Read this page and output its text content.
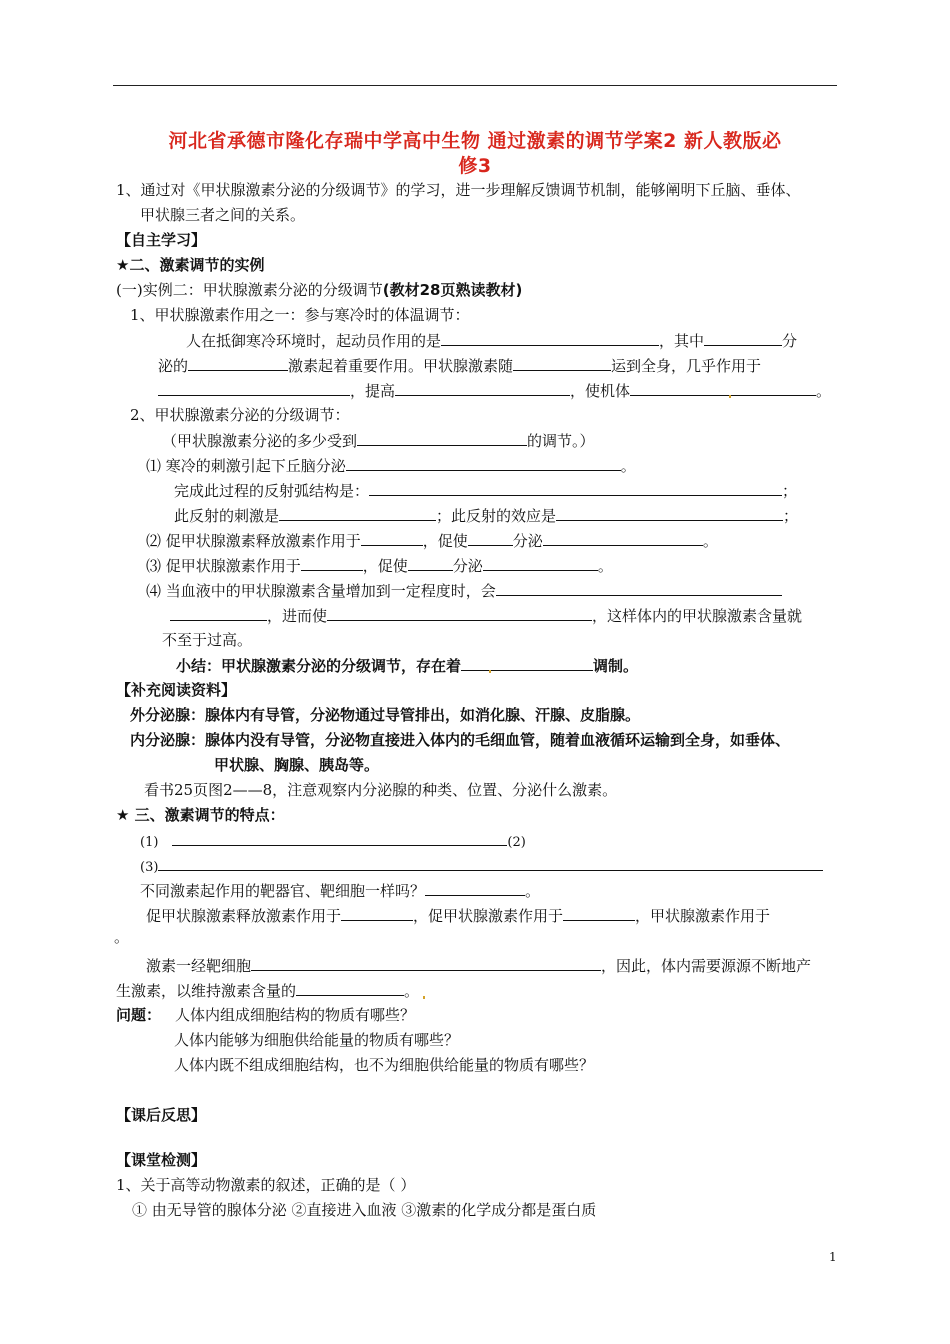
河北省承德市隆化存瑞中学高中生物 通过激素的调节学案2 新人教版必
修3
1、通过对《甲状腺激素分泌的分级调节》的学习，进一步理解反馈调节机制，能够阐明下丘脑、垂体、
甲状腺三者之间的关系。
【自主学习】
★二、激素调节的实例
(一)实例二：甲状腺激素分泌的分级调节(教材28页熟读教材)
1、甲状腺激素作用之一：参与寒冷时的体温调节：
人在抵御寒冷环境时，起动员作用的是	，其中	分
泌的	激素起着重要作用。甲状腺激素随	运到全身，几乎作用于
，提高	，使机体	。
2、甲状腺激素分泌的分级调节：
（甲状腺激素分泌的多少受到	的调节。）
⑴ 寒冷的刺激引起下丘脑分泌	。
完成此过程的反射弧结构是：	；
此反射的刺激是	；此反射的效应是	；
⑵ 促甲状腺激素释放激素作用于	，促使	分泌	。
⑶ 促甲状腺激素作用于	，促使	分泌	。
⑷ 当血液中的甲状腺激素含量增加到一定程度时，会
，进而使	，这样体内的甲状腺激素含量就
不至于过高。
小结：甲状腺激素分泌的分级调节，存在着	调制。
【补充阅读资料】
外分泌腺：腺体内有导管，分泌物通过导管排出，如消化腺、汗腺、皮脂腺。
内分泌腺：腺体内没有导管，分泌物直接进入体内的毛细血管，随着血液循环运输到全身，如垂体、
甲状腺、胸腺、胰岛等。
看书25页图2——8，注意观察内分泌腺的种类、位置、分泌什么激素。
★ 三、激素调节的特点：
(1)	(2)
(3)
不同激素起作用的靶器官、靶细胞一样吗？	。
促甲状腺激素释放激素作用于	，促甲状腺激素作用于	，甲状腺激素作用于
。
激素一经靶细胞	，因此，体内需要源源不断地产
生激素，以维持激素含量的	。
问题： 人体内组成细胞结构的物质有哪些？
人体内能够为细胞供给能量的物质有哪些？
人体内既不组成细胞结构，也不为细胞供给能量的物质有哪些？
【课后反思】
【课堂检测】
1、关于高等动物激素的叙述，正确的是（ ）
① 由无导管的腺体分泌 ②直接进入血液 ③激素的化学成分都是蛋白质
1
